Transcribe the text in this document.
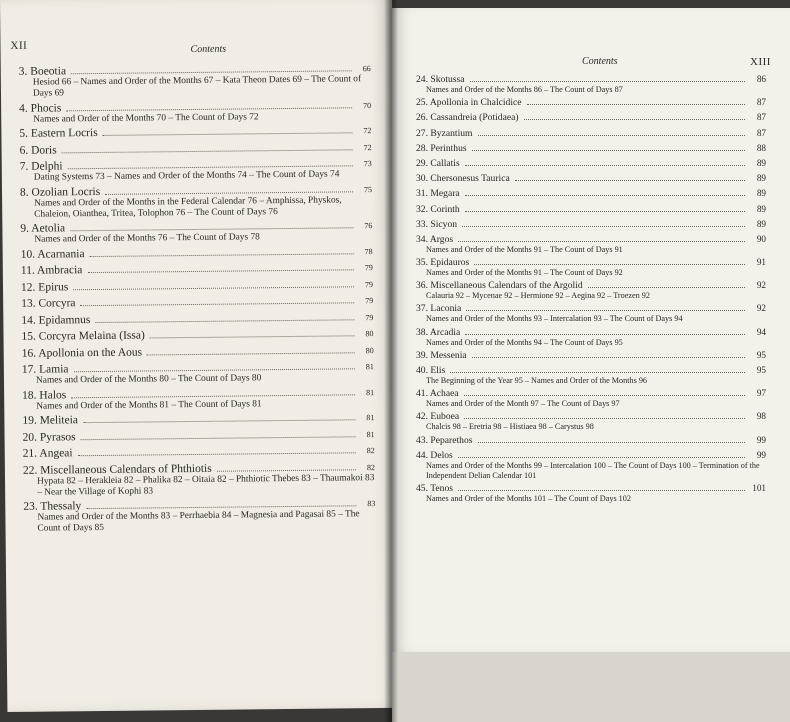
XII	Contents
3. Boeotia	66
Hesiod 66 – Names and Order of the Months 67 – Kata Theon Dates 69 – The Count of Days 69
4. Phocis	70
Names and Order of the Months 70 – The Count of Days 72
5. Eastern Locris	72
6. Doris	72
7. Delphi	73
Dating Systems 73 – Names and Order of the Months 74 – The Count of Days 74
8. Ozolian Locris	75
Names and Order of the Months in the Federal Calendar 76 – Amphissa, Physkos, Chaleion, Oianthea, Tritea, Tolophon 76 – The Count of Days 76
9. Aetolia	76
Names and Order of the Months 76 – The Count of Days 78
10. Acarnania	78
11. Ambracia	79
12. Epirus	79
13. Corcyra	79
14. Epidamnus	79
15. Corcyra Melaina (Issa)	80
16. Apollonia on the Aous	80
17. Lamia	81
Names and Order of the Months 80 – The Count of Days 80
18. Halos	81
Names and Order of the Months 81 – The Count of Days 81
19. Meliteia	81
20. Pyrasos	81
21. Angeai	82
22. Miscellaneous Calendars of Phthiotis	82
Hypata 82 – Herakleia 82 – Phalika 82 – Oitaia 82 – Phthiotic Thebes 83 – Thaumakoi 83 – Near the Village of Kophi 83
23. Thessaly	83
Names and Order of the Months 83 – Perrhaebia 84 – Magnesia and Pagasai 85 – The Count of Days 85
Contents	XIII
24. Skotussa	86
Names and Order of the Months 86 – The Count of Days 87
25. Apollonia in Chalcidice	87
26. Cassandreia (Potidaea)	87
27. Byzantium	87
28. Perinthus	88
29. Callatis	89
30. Chersonesus Taurica	89
31. Megara	89
32. Corinth	89
33. Sicyon	89
34. Argos	90
Names and Order of the Months 91 – The Count of Days 91
35. Epidauros	91
Names and Order of the Months 91 – The Count of Days 92
36. Miscellaneous Calendars of the Argolid	92
Calauria 92 – Mycenae 92 – Hermione 92 – Aegina 92 – Troezen 92
37. Laconia	92
Names and Order of the Months 93 – Intercalation 93 – The Count of Days 94
38. Arcadia	94
Names and Order of the Months 94 – The Count of Days 95
39. Messenia	95
40. Elis	95
The Beginning of the Year 95 – Names and Order of the Months 96
41. Achaea	97
Names and Order of the Month 97 – The Count of Days 97
42. Euboea	98
Chalcis 98 – Eretria 98 – Histiaea 98 – Carystus 98
43. Peparethos	99
44. Delos	99
Names and Order of the Months 99 – Intercalation 100 – The Count of Days 100 – Termination of the Independent Delian Calendar 101
45. Tenos	101
Names and Order of the Months 101 – The Count of Days 102
